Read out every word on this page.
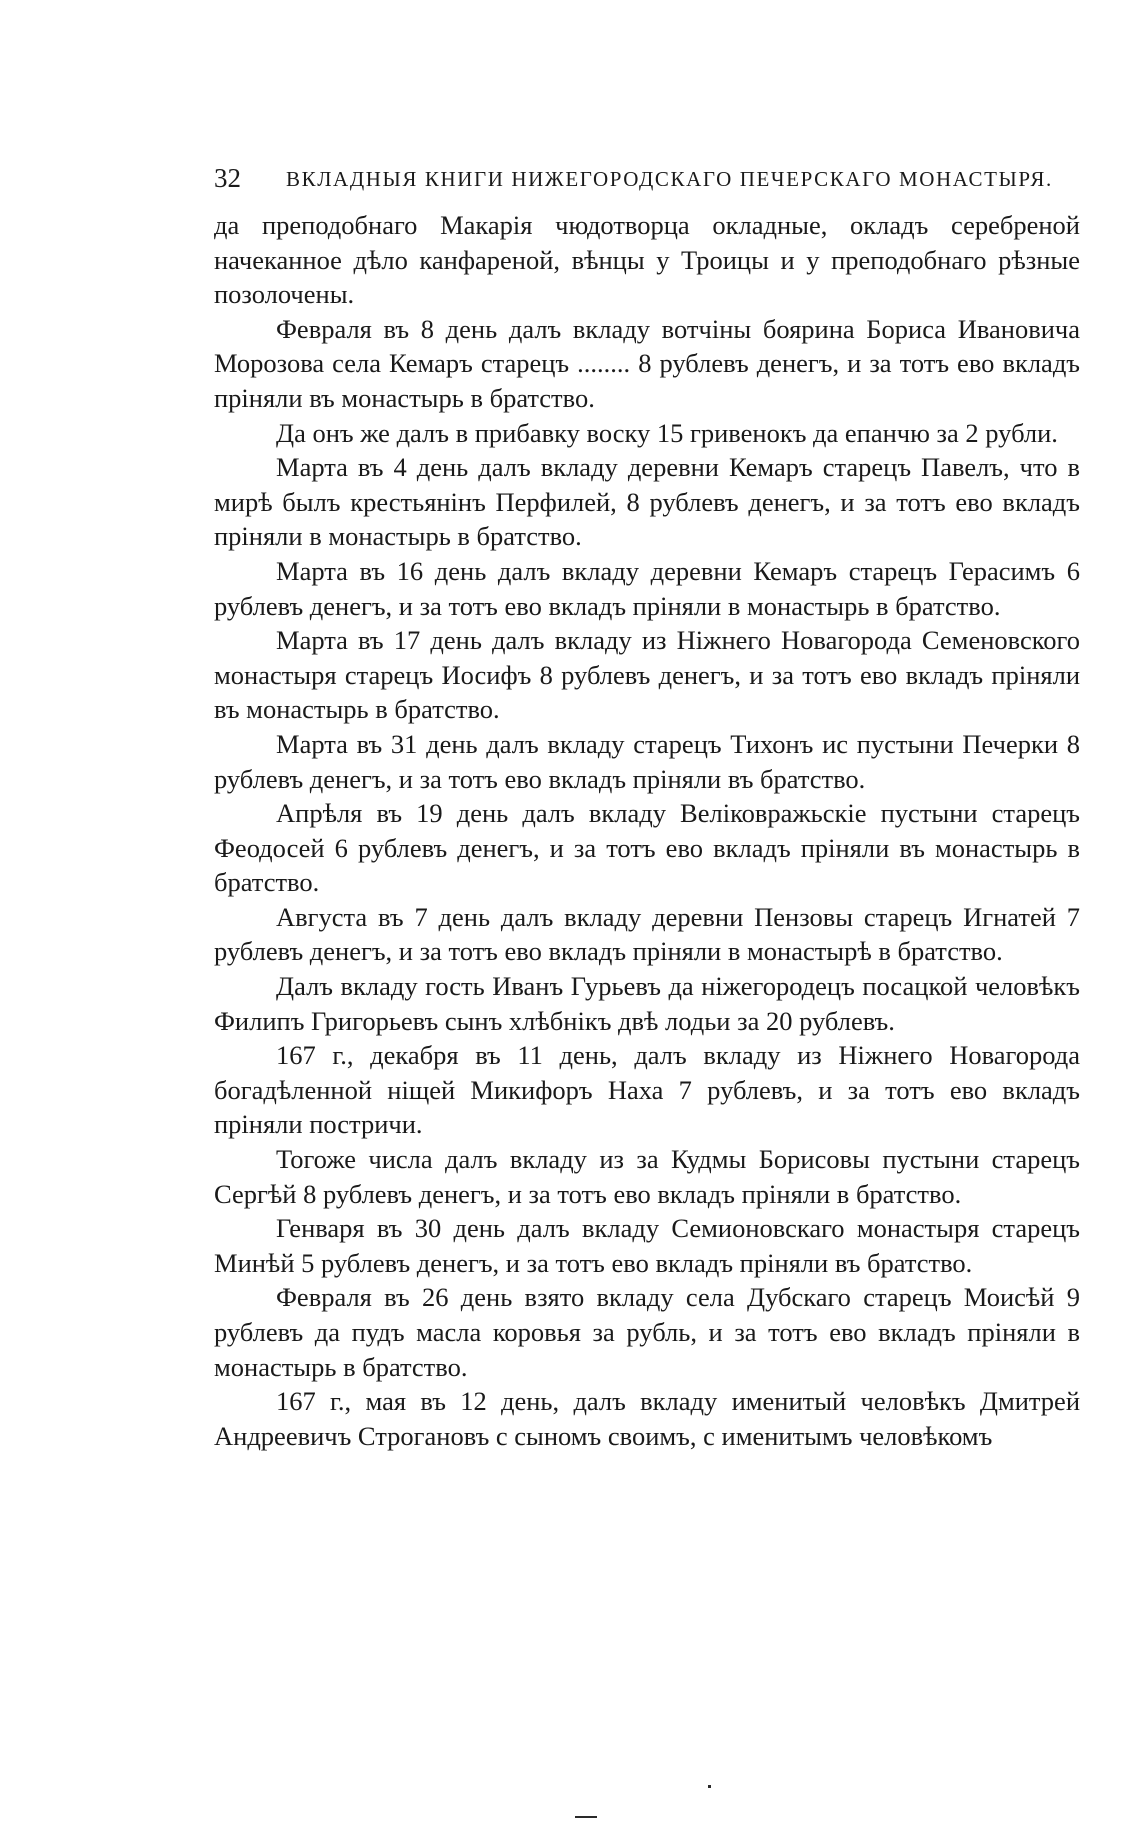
32 ВКЛАДНЫЯ КНИГИ НИЖЕГОРОДСКАГО ПЕЧЕРСКАГО МОНАСТЫРЯ.

да преподобнаго Макарія чюдотворца окладные, окладъ серебреной начеканное дѣло канфареной, вѣнцы у Троицы и у преподобнаго рѣзные позолочены.

Февраля въ 8 день далъ вкладу вотчіны боярина Бориса Ивановича Морозова села Кемаръ старецъ ........ 8 рублевъ денегъ, и за тотъ ево вкладъ пріняли въ монастырь в братство.

Да онъ же далъ в прибавку воску 15 гривенокъ да епанчю за 2 рубли.

Марта въ 4 день далъ вкладу деревни Кемаръ старецъ Павелъ, что в мирѣ былъ крестьянінъ Перфилей, 8 рублевъ денегъ, и за тотъ ево вкладъ пріняли в монастырь в братство.

Марта въ 16 день далъ вкладу деревни Кемаръ старецъ Герасимъ 6 рублевъ денегъ, и за тотъ ево вкладъ пріняли в монастырь в братство.

Марта въ 17 день далъ вкладу из Ніжнего Новагорода Семеновского монастыря старецъ Иосифъ 8 рублевъ денегъ, и за тотъ ево вкладъ пріняли въ монастырь в братство.

Марта въ 31 день далъ вкладу старецъ Тихонъ ис пустыни Печерки 8 рублевъ денегъ, и за тотъ ево вкладъ пріняли въ братство.

Апрѣля въ 19 день далъ вкладу Веліковражьскіе пустыни старецъ Феодосей 6 рублевъ денегъ, и за тотъ ево вкладъ пріняли въ монастырь в братство.

Августа въ 7 день далъ вкладу деревни Пензовы старецъ Игнатей 7 рублевъ денегъ, и за тотъ ево вкладъ пріняли в монастырѣ в братство.

Далъ вкладу гость Иванъ Гурьевъ да ніжегородецъ посацкой человѣкъ Филипъ Григорьевъ сынъ хлѣбнікъ двѣ лодьи за 20 рублевъ.

167 г., декабря въ 11 день, далъ вкладу из Ніжнего Новагорода богадѣленной нiщей Микифоръ Наха 7 рублевъ, и за тотъ ево вкладъ пріняли постричи.

Тогоже числа далъ вкладу из за Кудмы Борисовы пустыни старецъ Сергѣй 8 рублевъ денегъ, и за тотъ ево вкладъ пріняли в братство.

Генваря въ 30 день далъ вкладу Семионовскаго монастыря старецъ Минѣй 5 рублевъ денегъ, и за тотъ ево вкладъ пріняли въ братство.

Февраля въ 26 день взято вкладу села Дубскаго старецъ Моисѣй 9 рублевъ да пудъ масла коровья за рубль, и за тотъ ево вкладъ пріняли в монастырь в братство.

167 г., мая въ 12 день, далъ вкладу именитый человѣкъ Дмитрей Андреевичъ Строгановъ с сыномъ своимъ, с именитымъ человѣкомъ
